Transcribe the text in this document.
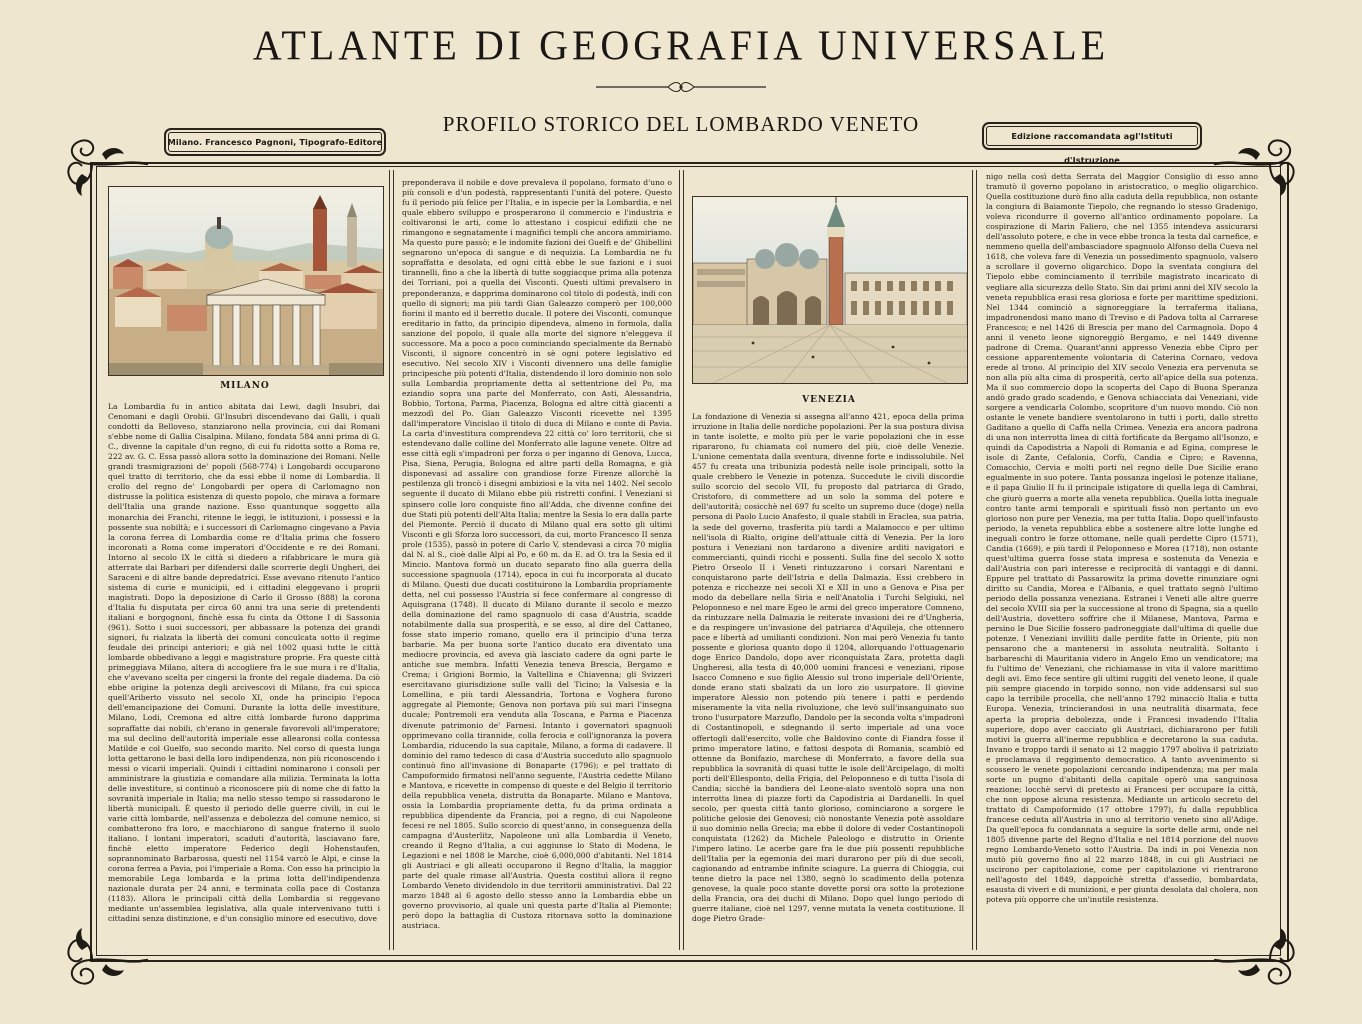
ATLANTE DI GEOGRAFIA UNIVERSALE
PROFILO STORICO DEL LOMBARDO VENETO
Milano. Francesco Pagnoni, Tipografo-Editore
Edizione raccomandata agl'Istituti d'Istruzione
MILANO
VENEZIA

La Lombardia fu in antico abitata dai Lewi, dagli Insubri, dai Cenomani e dagli Orobii. Gl'Insubri discendevano dai Galli, i quali condotti da Belloveso, stanziarono nella provincia, cui dai Romani s'ebbe nome di Gallia Cisalpina. Milano, fondata 584 anni prima di G. C., divenne la capitale d'un regno, di cui fu ridotta sotto a Roma re, 222 av. G. C. Essa passò allora sotto la dominazione dei Romani. Nelle grandi trasmigrazioni de' popoli (568-774) i Longobardi occuparono quel tratto di territorio, che da essi ebbe il nome di Lombardia. Il crollo del regno de' Longobardi per opera di Carlomagno non distrusse la politica esistenza di questo popolo, che mirava a formare dell'Italia una grande nazione. Esso quantunque soggetto alla monarchia dei Franchi, ritenne le leggi, le istituzioni, i possessi e la possente sua nobiltà; e i successori di Carlomagno cingevano a Pavia la corona ferrea di Lombardia come re d'Italia prima che fossero incoronati a Roma come imperatori d'Occidente e re dei Romani. Intorno al secolo IX le città si diedero a rifabbricare le mura già atterrate dai Barbari per difendersi dalle scorrerie degli Ungheri, dei Saraceni e di altre bande depredatrici. Esse avevano ritenuto l'antico sistema di curie e municipii, ed i cittadini eleggevano i proprii magistrati. Dopo la deposizione di Carlo il Grosso (888) la corona d'Italia fu disputata per circa 60 anni tra una serie di pretendenti italiani e borgognoni, finchè essa fu cinta da Ottone I di Sassonia (961). Sotto i suoi successori, per abbassare la potenza dei grandi signori, fu rialzata la libertà dei comuni conculcata sotto il regime feudale dei principi anteriori; e già nel 1002 quasi tutte le città lombarde obbedivano a leggi e magistrature proprie. Fra queste città primeggiava Milano, altera di accogliere fra le sue mura i re d'Italia, che v'avevano scelta per cingersi la fronte del regale diadema. Da ciò ebbe origine la potenza degli arcivescovi di Milano, fra cui spicca quell'Ariberto vissuto nel secolo XI, onde ha principio l'epoca dell'emancipazione dei Comuni. Durante la lotta delle investiture, Milano, Lodi, Cremona ed altre città lombarde furono dapprima sopraffatte dai nobili, ch'erano in generale favorevoli all'imperatore; ma sul declino dell'autorità imperiale esse allearonsi colla contessa Matilde e col Guelfo, suo secondo marito. Nel corso di questa lunga lotta gettarono le basi della loro indipendenza, non più riconoscendo i messi o vicarii imperiali. Quindi i cittadini nominarono i consoli per amministrare la giustizia e comandare alla milizia. Terminata la lotta delle investiture, si continuò a riconoscere più di nome che di fatto la sovranità imperiale in Italia; ma nello stesso tempo si rassodarono le libertà municipali. È questo il periodo delle guerre civili, in cui le varie città lombarde, nell'assenza e debolezza del comune nemico, si combatterono fra loro, e macchiarono di sangue fraterno il suolo italiano. I lontani imperatori, scaduti d'autorità, lasciavano fare, finchè eletto imperatore Federico degli Hohenstaufen, soprannominato Barbarossa, questi nel 1154 varcò le Alpi, e cinse la corona ferrea a Pavia, poi l'imperiale a Roma. Con esso ha principio la memorabile Lega lombarda e la prima lotta dell'indipendenza nazionale durata per 24 anni, e terminata colla pace di Costanza (1183). Allora le principali città della Lombardia si reggevano mediante un'assemblea legislativa, alla quale intervenivano tutti i cittadini senza distinzione, e d'un consiglio minore ed esecutivo, dove

preponderava il nobile e dove prevaleva il popolano, formato d'uno o più consoli e d'un podestà, rappresentanti l'unità del potere. Questo fu il periodo più felice per l'Italia, e in ispecie per la Lombardia, e nel quale ebbero sviluppo e prosperarono il commercio e l'industria e coltivaronsi le arti, come lo attestano i cospicui edifizii che ne rimangono e segnatamente i magnifici templi che ancora ammiriamo. Ma questo pure passò; e le indomite fazioni dei Guelfi e de' Ghibellini segnarono un'epoca di sangue e di nequizia. La Lombardia ne fu sopraffatta e desolata, ed ogni città ebbe le sue fazioni e i suoi tirannelli, fino a che la libertà di tutte soggiacque prima alla potenza dei Torriani, poi a quella dei Visconti. Questi ultimi prevalsero in preponderanza, e dapprima dominarono col titolo di podestà, indi con quello di signori; ma più tardi Gian Galeazzo comperò per 100,000 fiorini il manto ed il berretto ducale. Il potere dei Visconti, comunque ereditario in fatto, da principio dipendeva, almeno in formola, dalla sanzione del popolo, il quale alla morte del signore n'eleggeva il successore. Ma a poco a poco cominciando specialmente da Bernabò Visconti, il signore concentrò in sè ogni potere legislativo ed esecutivo. Nel secolo XIV i Visconti divennero una delle famiglie principesche più potenti d'Italia, distendendo il loro dominio non solo sulla Lombardia propriamente detta al settentrione del Po, ma eziandio sopra una parte del Monferrato, con Asti, Alessandria, Bobbio, Tortona, Parma, Piacenza, Bologna ed altre città giacenti a mezzodì del Po. Gian Galeazzo Visconti ricevette nel 1395 dall'imperatore Vincislao il titolo di duca di Milano e conte di Pavia. La carta d'investitura comprendeva 22 città co' loro territorii, che si estendevano dalle colline del Monferrato alle lagune venete. Oltre ad esse città egli s'impadronì per forza o per inganno di Genova, Lucca, Pisa, Siena, Perugia, Bologna ed altre parti della Romagna, e già disponevasi ad assalire con grandiose forze Firenze allorchè la pestilenza gli troncò i disegni ambiziosi e la vita nel 1402. Nel secolo seguente il ducato di Milano ebbe più ristretti confini. I Veneziani si spinsero colle loro conquiste fino all'Adda, che divenne confine dei due Stati più potenti dell'Alta Italia; mentre la Sesia lo era dalla parte del Piemonte. Perciò il ducato di Milano qual era sotto gli ultimi Visconti e gli Sforza loro successori, da cui, morto Francesco II senza prole (1535), passò in potere di Carlo V, stendevasi a circa 70 miglia dal N. al S., cioè dalle Alpi al Po, e 60 m. da E. ad O. tra la Sesia ed il Mincio. Mantova formò un ducato separato fino alla guerra della successione spagnuola (1714), epoca in cui fu incorporata al ducato di Milano. Questi due ducati costituirono la Lombardia propriamente detta, nel cui possesso l'Austria si fece confermare al congresso di Aquisgrana (1748). Il ducato di Milano durante il secolo e mezzo della dominazione del ramo spagnuolo di casa d'Austria, scadde notabilmente dalla sua prosperità, e se esso, al dire del Cattaneo, fosse stato imperio romano, quello era il principio d'una terza barbarie. Ma per buona sorte l'antico ducato era diventato una mediocre provincia, ed aveva già lasciato cadere da ogni parte le antiche sue membra. Infatti Venezia teneva Brescia, Bergamo e Crema; i Grigioni Bormio, la Valtellina e Chiavenna; gli Svizzeri esercitavano giurisdizione sulle valli del Ticino; la Valsesia e la Lomellina, e più tardi Alessandria, Tortona e Voghera furono aggregate al Piemonte; Genova non portava più sui mari l'insegna ducale; Pontremoli era venduta alla Toscana, e Parma e Piacenza divenute patrimonio de' Farnesi. Intanto i governatori spagnuoli opprimevano colla tirannide, colla ferocia e coll'ignoranza la povera Lombardia, riducendo la sua capitale, Milano, a forma di cadavere. Il dominio del ramo tedesco di casa d'Austria succeduto allo spagnuolo continuò fino all'invasione di Bonaparte (1796); e pel trattato di Campoformido firmatosi nell'anno seguente, l'Austria cedette Milano e Mantova, e ricevette in compenso di queste e del Belgio il territorio della repubblica veneta, distrutta da Bonaparte. Milano e Mantova, ossia la Lombardia propriamente detta, fu da prima ordinata a repubblica dipendente da Francia, poi a regno, di cui Napoleone fecesi re nel 1805. Sullo scorcio di quest'anno, in conseguenza della campagna d'Austerlitz, Napoleone unì alla Lombardia il Veneto, creando il Regno d'Italia, a cui aggiunse lo Stato di Modena, le Legazioni e nel 1808 le Marche, cioè 6,000,000 d'abitanti. Nel 1814 gli Austriaci e gli alleati occuparono il Regno d'Italia, la maggior parte del quale rimase all'Austria. Questa costituì allora il regno Lombardo Veneto dividendolo in due territorii amministrativi. Dal 22 marzo 1848 al 6 agosto dello stesso anno la Lombardia ebbe un governo provvisorio, al quale unì questa parte d'Italia al Piemonte; però dopo la battaglia di Custoza ritornava sotto la dominazione austriaca.

La fondazione di Venezia si assegna all'anno 421, epoca della prima irruzione in Italia delle nordiche popolazioni. Per la sua postura divisa in tante isolette, e molto più per le varie popolazioni che in esse ripararono, fu chiamata col numero del più, cioè delle Venezie. L'unione cementata dalla sventura, divenne forte e indissolubile. Nel 457 fu creata una tribunizia podestà nelle isole principali, sotto la quale crebbero le Venezie in potenza. Succedute le civili discordie sullo scorcio del secolo VII, fu proposto dal patriarca di Grado, Cristoforo, di commettere ad un solo la somma del potere e dell'autorità; cosicchè nel 697 fu scelto un supremo duce (doge) nella persona di Paolo Lucio Anafesto, il quale stabilì in Eraclea, sua patria, la sede del governo, trasferita più tardi a Malamocco e per ultimo nell'isola di Rialto, origine dell'attuale città di Venezia. Per la loro postura i Veneziani non tardarono a divenire arditi navigatori e commercianti, quindi ricchi e possenti. Sulla fine del secolo X sotto Pietro Orseolo II i Veneti rintuzzarono i corsari Narentani e conquistarono parte dell'Istria e della Dalmazia. Essi crebbero in potenza e ricchezze nei secoli XI e XII in uno a Genova e Pisa per modo da debellare nella Siria e nell'Anatolia i Turchi Selgiuki, nel Peloponneso e nel mare Egeo le armi del greco imperatore Comneno, da rintuzzare nella Dalmazia le reiterate invasioni dei re d'Ungheria, e da respingere un'invasione del patriarca d'Aquileja, che ottennero pace e libertà ad umilianti condizioni. Non mai però Venezia fu tanto possente e gloriosa quanto dopo il 1204, allorquando l'ottuagenario doge Enrico Dandolo, dopo aver riconquistata Zara, protetta dagli Ungheresi, alla testa di 40,000 uomini francesi e veneziani, ripose Isacco Comneno e suo figlio Alessio sul trono imperiale dell'Oriente, donde erano stati sbalzati da un loro zio usurpatore. Il giovine imperatore Alessio non potendo più tenere i patti e perdendo miseramente la vita nella rivoluzione, che levò sull'insanguinato suo trono l'usurpatore Marzuflo, Dandolo per la seconda volta s'impadronì di Costantinopoli, e sdegnando il serto imperiale ad una voce offertogli dall'esercito, volle che Baldovino conte di Fiandra fosse il primo imperatore latino, e fattosi despota di Romania, scambiò ed ottenne da Bonifazio, marchese di Monferrato, a favore della sua repubblica la sovranità di quasi tutte le isole dell'Arcipelago, di molti porti dell'Ellesponto, della Frigia, del Peloponneso e di tutta l'isola di Candia; sicchè la bandiera del Leone-alato sventolò sopra una non interrotta linea di piazze forti da Capodistria ai Dardanelli. In quel secolo, per questa città tanto glorioso, cominciarono a sorgere le politiche gelosie dei Genovesi; ciò nonostante Venezia potè assoldare il suo dominio nella Grecia; ma ebbe il dolore di veder Costantinopoli conquistata (1262) da Michele Paleologo e distrutto in Oriente l'impero latino. Le acerbe gare fra le due più possenti repubbliche dell'Italia per la egemonia dei mari durarono per più di due secoli, cagionando ad entrambe infinite sciagure. La guerra di Chioggia, cui tenne dietro la pace nel 1380, segnò lo scadimento della potenza genovese, la quale poco stante dovette porsi ora sotto la protezione della Francia, ora dei duchi di Milano. Dopo quel lungo periodo di guerre italiane, cioè nel 1297, venne mutata la veneta costituzione. Il doge Pietro Grade-

nigo nella così detta Serrata del Maggior Consiglio di esso anno tramutò il governo popolano in aristocratico, o meglio oligarchico. Quella costituzione durò fino alla caduta della repubblica, non ostante la congiura di Baiamonte Tiepolo, che regnando lo stesso Gradenigo, voleva ricondurre il governo all'antico ordinamento popolare. La cospirazione di Marin Faliero, che nel 1355 intendeva assicurarsi dell'assoluto potere, e che in vece ebbe tronca la testa dal carnefice, e nemmeno quella dell'ambasciadore spagnuolo Alfonso della Cueva nel 1618, che voleva fare di Venezia un possedimento spagnuolo, valsero a scrollare il governo oligarchico. Dopo la sventata congiura del Tiepolo ebbe cominciamento il terribile magistrato incaricato di vegliare alla sicurezza dello Stato. Sin dai primi anni del XIV secolo la veneta repubblica erasi resa gloriosa e forte per marittime spedizioni. Nel 1344 cominciò a signoreggiare la terraferma italiana, impadronendosi mano mano di Treviso e di Padova tolta al Carrarese Francesco; e nel 1426 di Brescia per mano del Carmagnola. Dopo 4 anni il veneto leone signoreggiò Bergamo, e nel 1449 divenne padrone di Crema. Quarant'anni appresso Venezia ebbe Cipro per cessione apparentemente volontaria di Caterina Cornaro, vedova erede al trono. Al principio del XIV secolo Venezia era pervenuta se non alla più alta cima di prosperità, certo all'apice della sua potenza. Ma il suo commercio dopo la scoperta del Capo di Buona Speranza andò grado grado scadendo, e Genova schiacciata dai Veneziani, vide sorgere a vendicarla Colombo, scopritore d'un nuovo mondo. Ciò non ostante le venete bandiere sventolarono in tutti i porti, dallo stretto Gaditano a quello di Caffa nella Crimea. Venezia era ancora padrona di una non interrotta linea di città fortificate da Bergamo all'Isonzo, e quindi da Capodistria a Napoli di Romania e ad Egina, comprese le isole di Zante, Cefalonia, Corfù, Candia e Cipro; e Ravenna, Comacchio, Cervia e molti porti nel regno delle Due Sicilie erano egualmente in suo potere. Tanta possanza ingelosì le potenze italiane, e il papa Giulio II fu il principale istigatore di quella lega di Cambrai, che giurò guerra a morte alla veneta repubblica. Quella lotta ineguale contro tante armi temporali e spirituali fissò non pertanto un evo glorioso non pure per Venezia, ma per tutta Italia. Dopo quell'infausto periodo, la veneta repubblica ebbe a sostenere altre lotte lunghe ed ineguali contro le forze ottomane, nelle quali perdette Cipro (1571), Candia (1669), e più tardi il Peloponneso e Morea (1718), non ostante quest'ultima guerra fosse stata impresa e sostenuta da Venezia e dall'Austria con pari interesse e reciprocità di vantaggi e di danni. Eppure pel trattato di Passarowitz la prima dovette rinunziare ogni diritto su Candia, Morea e l'Albania, e quel trattato segnò l'ultimo periodo della possanza veneziana. Estranei i Veneti alle altre guerre del secolo XVIII sia per la successione al trono di Spagna, sia a quello dell'Austria, dovettero soffrire che il Milanese, Mantova, Parma e persino le Due Sicilie fossero padroneggiate dall'ultima di quelle due potenze. I Veneziani invilliti dalle perdite fatte in Oriente, più non pensarono che a mantenersi in assoluta neutralità. Soltanto i barbareschi di Mauritania videro in Angelo Emo un vendicatore; ma fu l'ultimo de' Veneziani, che richiamasse in vita il valore marittimo degli avi. Emo fece sentire gli ultimi ruggiti del veneto leone, il quale più sempre giacendo in torpido sonno, non vide addensarsi sul suo capo la terribile procella, che nell'anno 1792 minacciò Italia e tutta Europa. Venezia, trincierandosi in una neutralità disarmata, fece aperta la propria debolezza, onde i Francesi invadendo l'Italia superiore, dopo aver cacciato gli Austriaci, dichiararono per futili motivi la guerra all'inerme repubblica e decretarono la sua caduta. Invano e troppo tardi il senato ai 12 maggio 1797 abolivа il patriziato e proclamava il reggimento democratico. A tanto avvenimento si scossero le venete popolazioni cercando indipendenza; ma per mala sorte un pugno d'abitanti della capitale operò una sanguinosa reazione; locchè servì di pretesto ai Francesi per occupare la città, che non oppose alcuna resistenza. Mediante un articolo secreto del trattato di Campoformido (17 ottobre 1797), fu dalla repubblica francese ceduta all'Austria in uno al territorio veneto sino all'Adige. Da quell'epoca fu condannata a seguire la sorte delle armi, onde nel 1805 divenne parte del Regno d'Italia e nel 1814 porzione del nuovo regno Lombardo-Veneto sotto l'Austria. Da indi in poi Venezia non mutò più governo fino al 22 marzo 1848, in cui gli Austriaci ne uscirono per capitolazione, come per capitolazione vi rientrarono nell'agosto del 1849, dappoichè stretta d'assedio, bombardata, esausta di viveri e di munizioni, e per giunta desolata dal cholera, non poteva più opporre che un'inutile resistenza.
